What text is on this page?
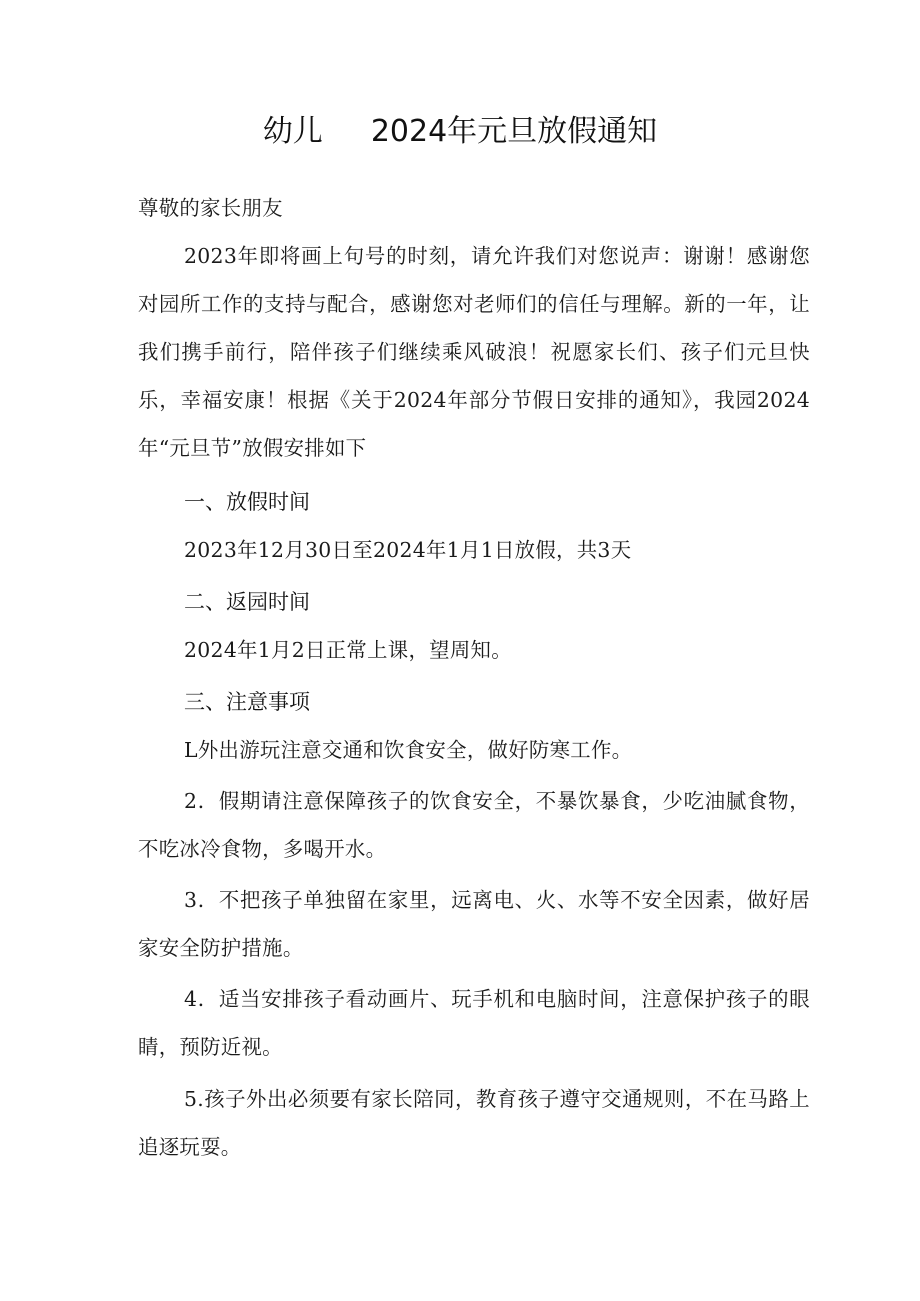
幼儿 2024年元旦放假通知
尊敬的家长朋友

2023年即将画上句号的时刻，请允许我们对您说声：谢谢！感谢您对园所工作的支持与配合，感谢您对老师们的信任与理解。新的一年，让我们携手前行，陪伴孩子们继续乘风破浪！祝愿家长们、孩子们元旦快乐，幸福安康！根据《关于2024年部分节假日安排的通知》，我园2024年“元旦节”放假安排如下

一、放假时间
2023年12月30日至2024年1月1日放假，共3天
二、返园时间
2024年1月2日正常上课，望周知。
三、注意事项
L外出游玩注意交通和饮食安全，做好防寒工作。

2．假期请注意保障孩子的饮食安全，不暴饮暴食，少吃油腻食物，不吃冰冷食物，多喝开水。

3．不把孩子单独留在家里，远离电、火、水等不安全因素，做好居家安全防护措施。

4．适当安排孩子看动画片、玩手机和电脑时间，注意保护孩子的眼睛，预防近视。

5.孩子外出必须要有家长陪同，教育孩子遵守交通规则，不在马路上追逐玩耍。
